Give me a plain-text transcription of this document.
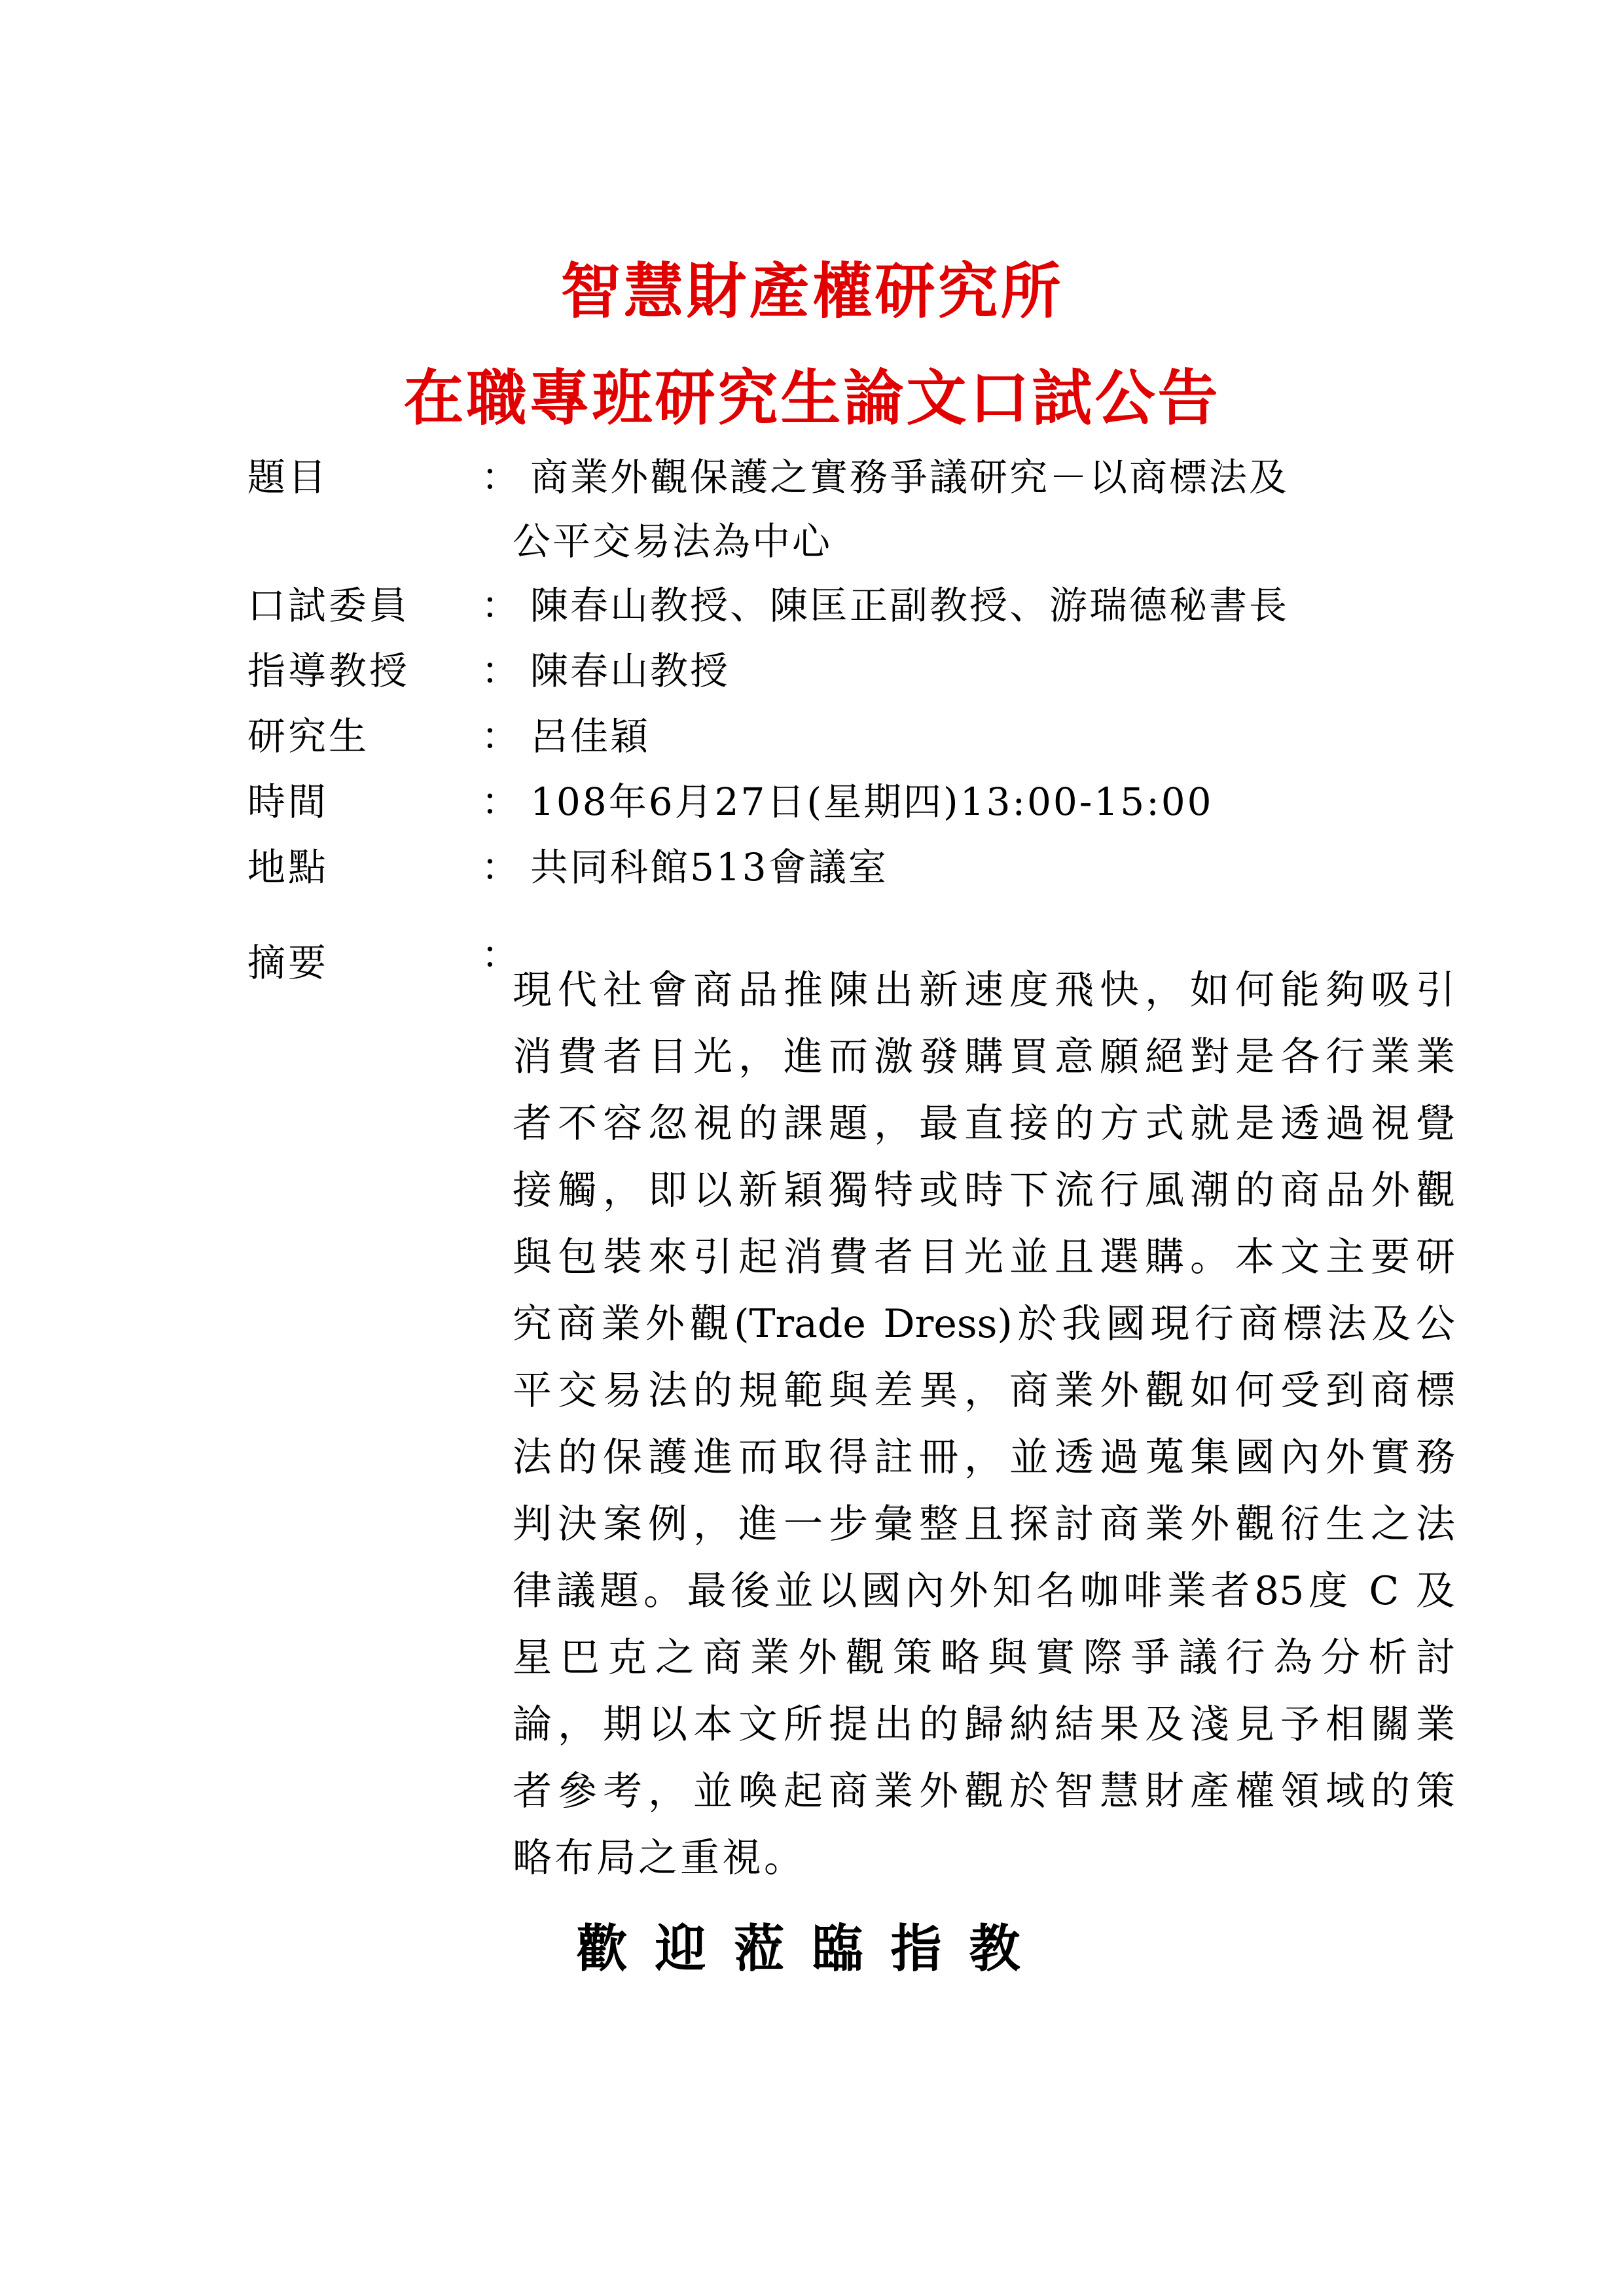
智慧財產權研究所
在職專班研究生論文口試公告
題目	： 商業外觀保護之實務爭議研究－以商標法及
公平交易法為中心
口試委員 ： 陳春山教授、陳匡正副教授、游瑞德秘書長
指導教授 ： 陳春山教授
研究生	： 呂佳穎
時間	： 108年6月27日(星期四)13:00-15:00
地點	： 共同科館513會議室
摘要	：
現代社會商品推陳出新速度飛快，如何能夠吸引
消費者目光，進而激發購買意願絕對是各行業業
者不容忽視的課題，最直接的方式就是透過視覺
接觸，即以新穎獨特或時下流行風潮的商品外觀
與包裝來引起消費者目光並且選購。本文主要研
究商業外觀(Trade Dress)於我國現行商標法及公
平交易法的規範與差異，商業外觀如何受到商標
法的保護進而取得註冊，並透過蒐集國內外實務
判決案例，進一步彙整且探討商業外觀衍生之法
律議題。最後並以國內外知名咖啡業者85度 C 及
星巴克之商業外觀策略與實際爭議行為分析討
論，期以本文所提出的歸納結果及淺見予相關業
者參考，並喚起商業外觀於智慧財產權領域的策
略布局之重視。
歡迎蒞臨指教
